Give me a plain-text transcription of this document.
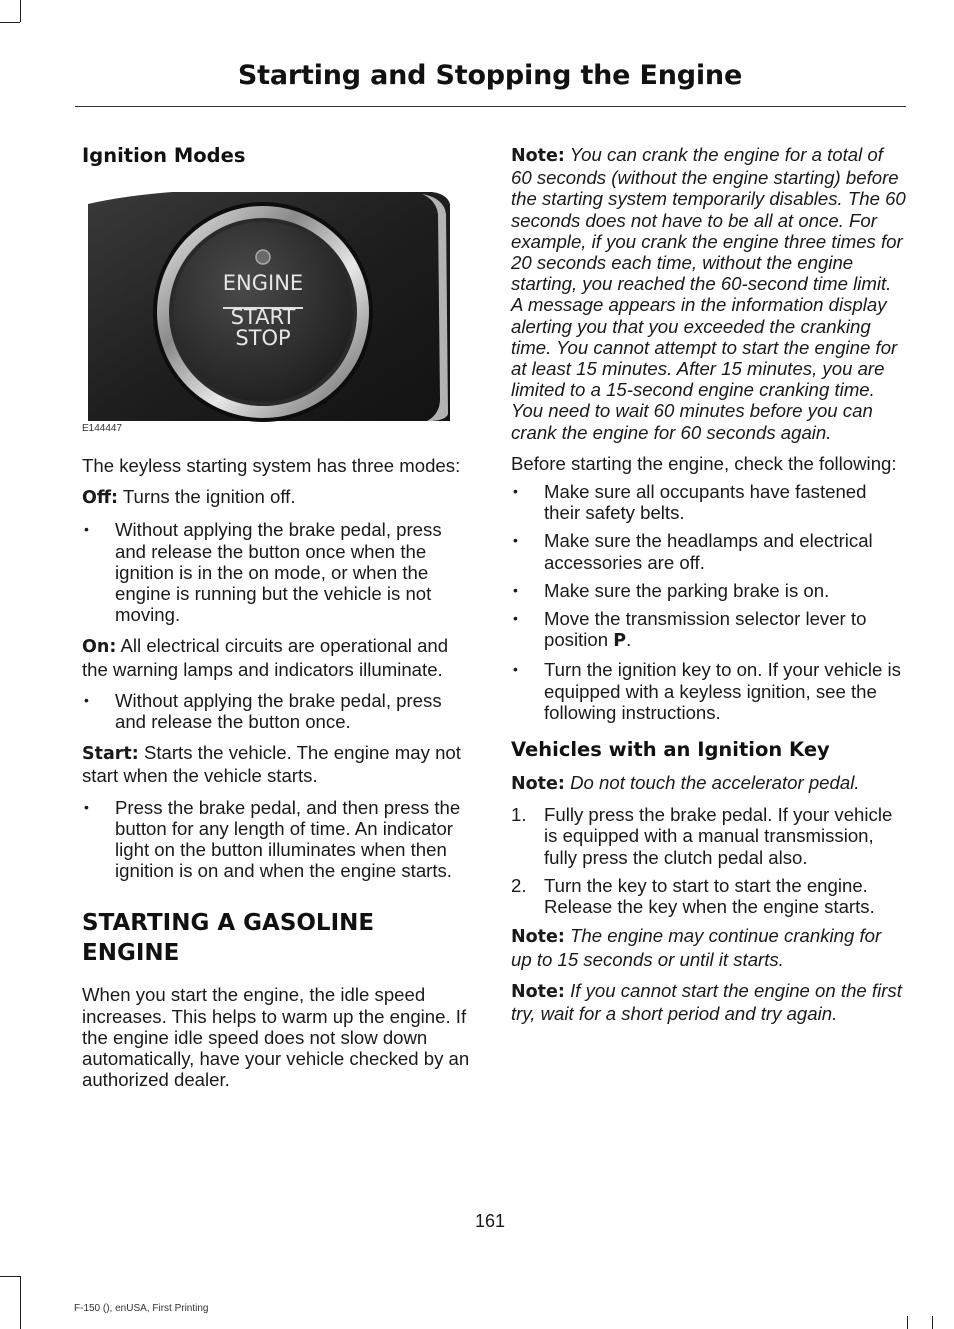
Starting and Stopping the Engine
Ignition Modes
ENGINE
START
STOP
E144447

The keyless starting system has three modes:

Off: Turns the ignition off.

• Without applying the brake pedal, press and release the button once when the ignition is in the on mode, or when the engine is running but the vehicle is not moving.

On: All electrical circuits are operational and the warning lamps and indicators illuminate.

• Without applying the brake pedal, press and release the button once.

Start: Starts the vehicle. The engine may not start when the vehicle starts.

• Press the brake pedal, and then press the button for any length of time. An indicator light on the button illuminates when then ignition is on and when the engine starts.
STARTING A GASOLINE ENGINE

When you start the engine, the idle speed increases. This helps to warm up the engine. If the engine idle speed does not slow down automatically, have your vehicle checked by an authorized dealer.

Note: You can crank the engine for a total of 60 seconds (without the engine starting) before the starting system temporarily disables. The 60 seconds does not have to be all at once. For example, if you crank the engine three times for 20 seconds each time, without the engine starting, you reached the 60-second time limit. A message appears in the information display alerting you that you exceeded the cranking time. You cannot attempt to start the engine for at least 15 minutes. After 15 minutes, you are limited to a 15-second engine cranking time. You need to wait 60 minutes before you can crank the engine for 60 seconds again.

Before starting the engine, check the following:

• Make sure all occupants have fastened their safety belts.
• Make sure the headlamps and electrical accessories are off.
• Make sure the parking brake is on.
• Move the transmission selector lever to position P.
• Turn the ignition key to on. If your vehicle is equipped with a keyless ignition, see the following instructions.
Vehicles with an Ignition Key

Note: Do not touch the accelerator pedal.

1. Fully press the brake pedal. If your vehicle is equipped with a manual transmission, fully press the clutch pedal also.
2. Turn the key to start to start the engine. Release the key when the engine starts.

Note: The engine may continue cranking for up to 15 seconds or until it starts.

Note: If you cannot start the engine on the first try, wait for a short period and try again.

161
F-150 (), enUSA, First Printing
